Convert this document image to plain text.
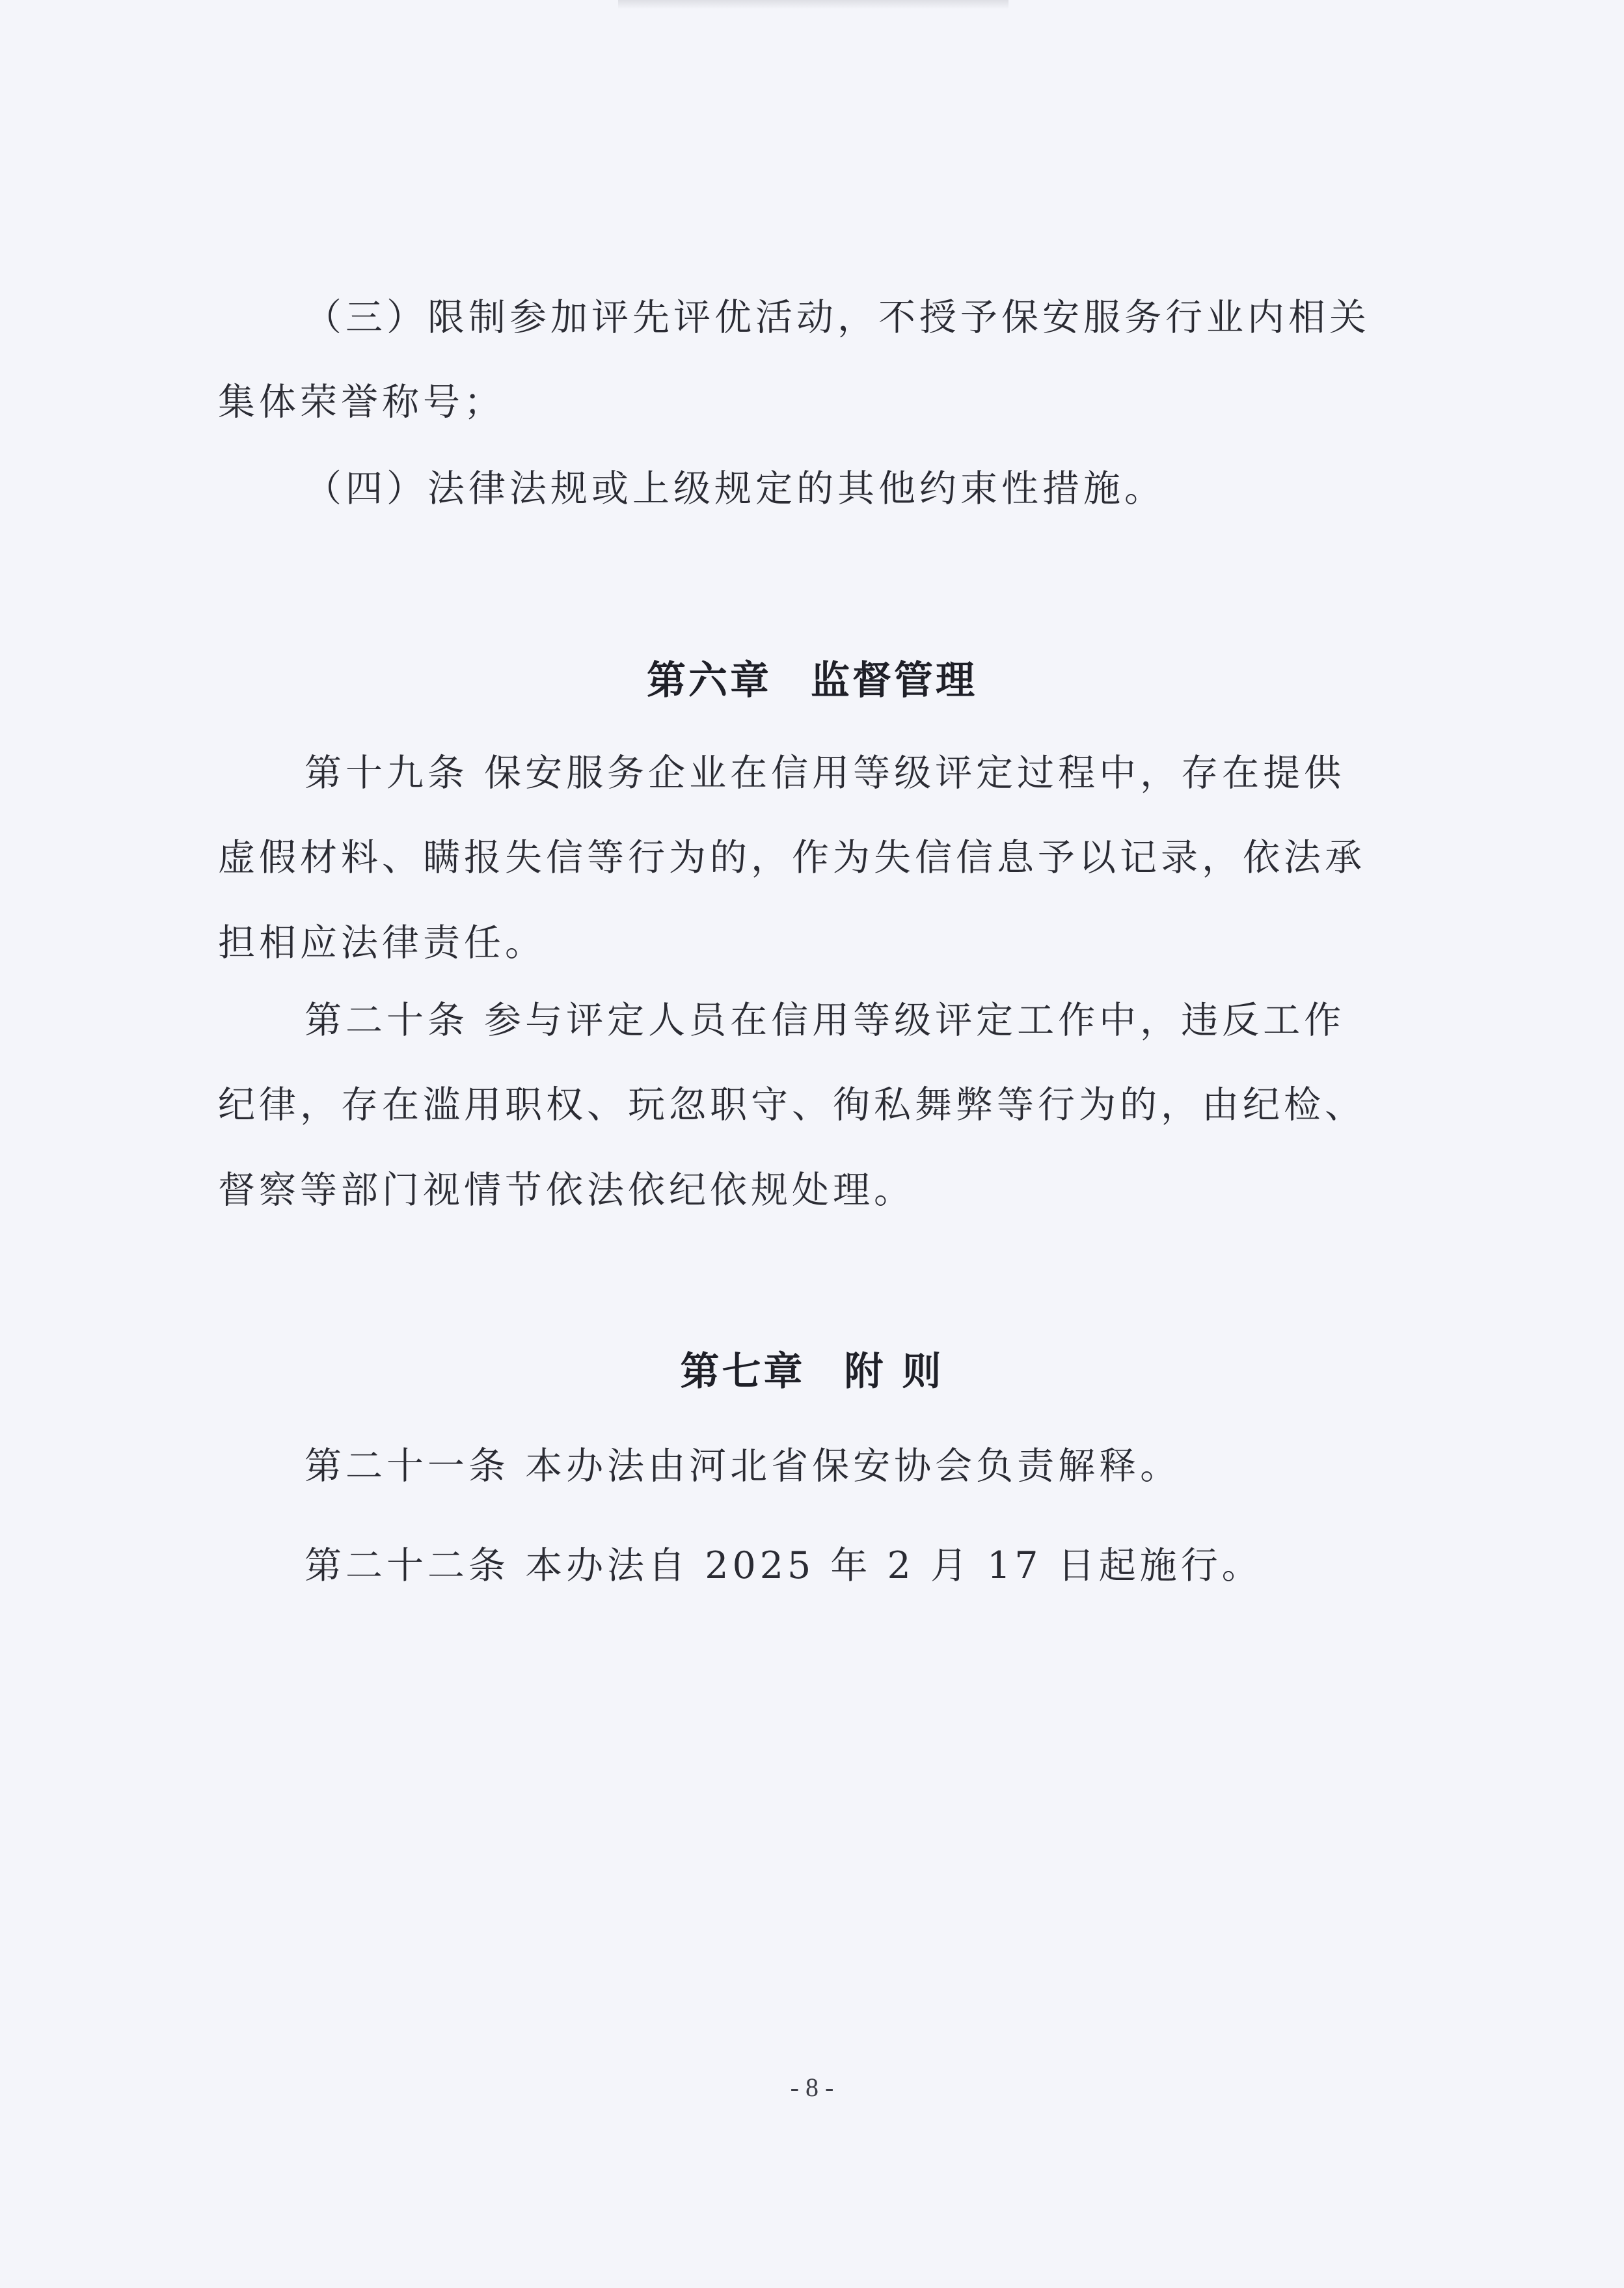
（三）限制参加评先评优活动，不授予保安服务行业内相关
集体荣誉称号；
（四）法律法规或上级规定的其他约束性措施。
第六章 监督管理
第十九条 保安服务企业在信用等级评定过程中，存在提供
虚假材料、瞒报失信等行为的，作为失信信息予以记录，依法承
担相应法律责任。
第二十条 参与评定人员在信用等级评定工作中，违反工作
纪律，存在滥用职权、玩忽职守、徇私舞弊等行为的，由纪检、
督察等部门视情节依法依纪依规处理。
第七章 附 则
第二十一条 本办法由河北省保安协会负责解释。
第二十二条 本办法自 2025 年 2 月 17 日起施行。
- 8 -
